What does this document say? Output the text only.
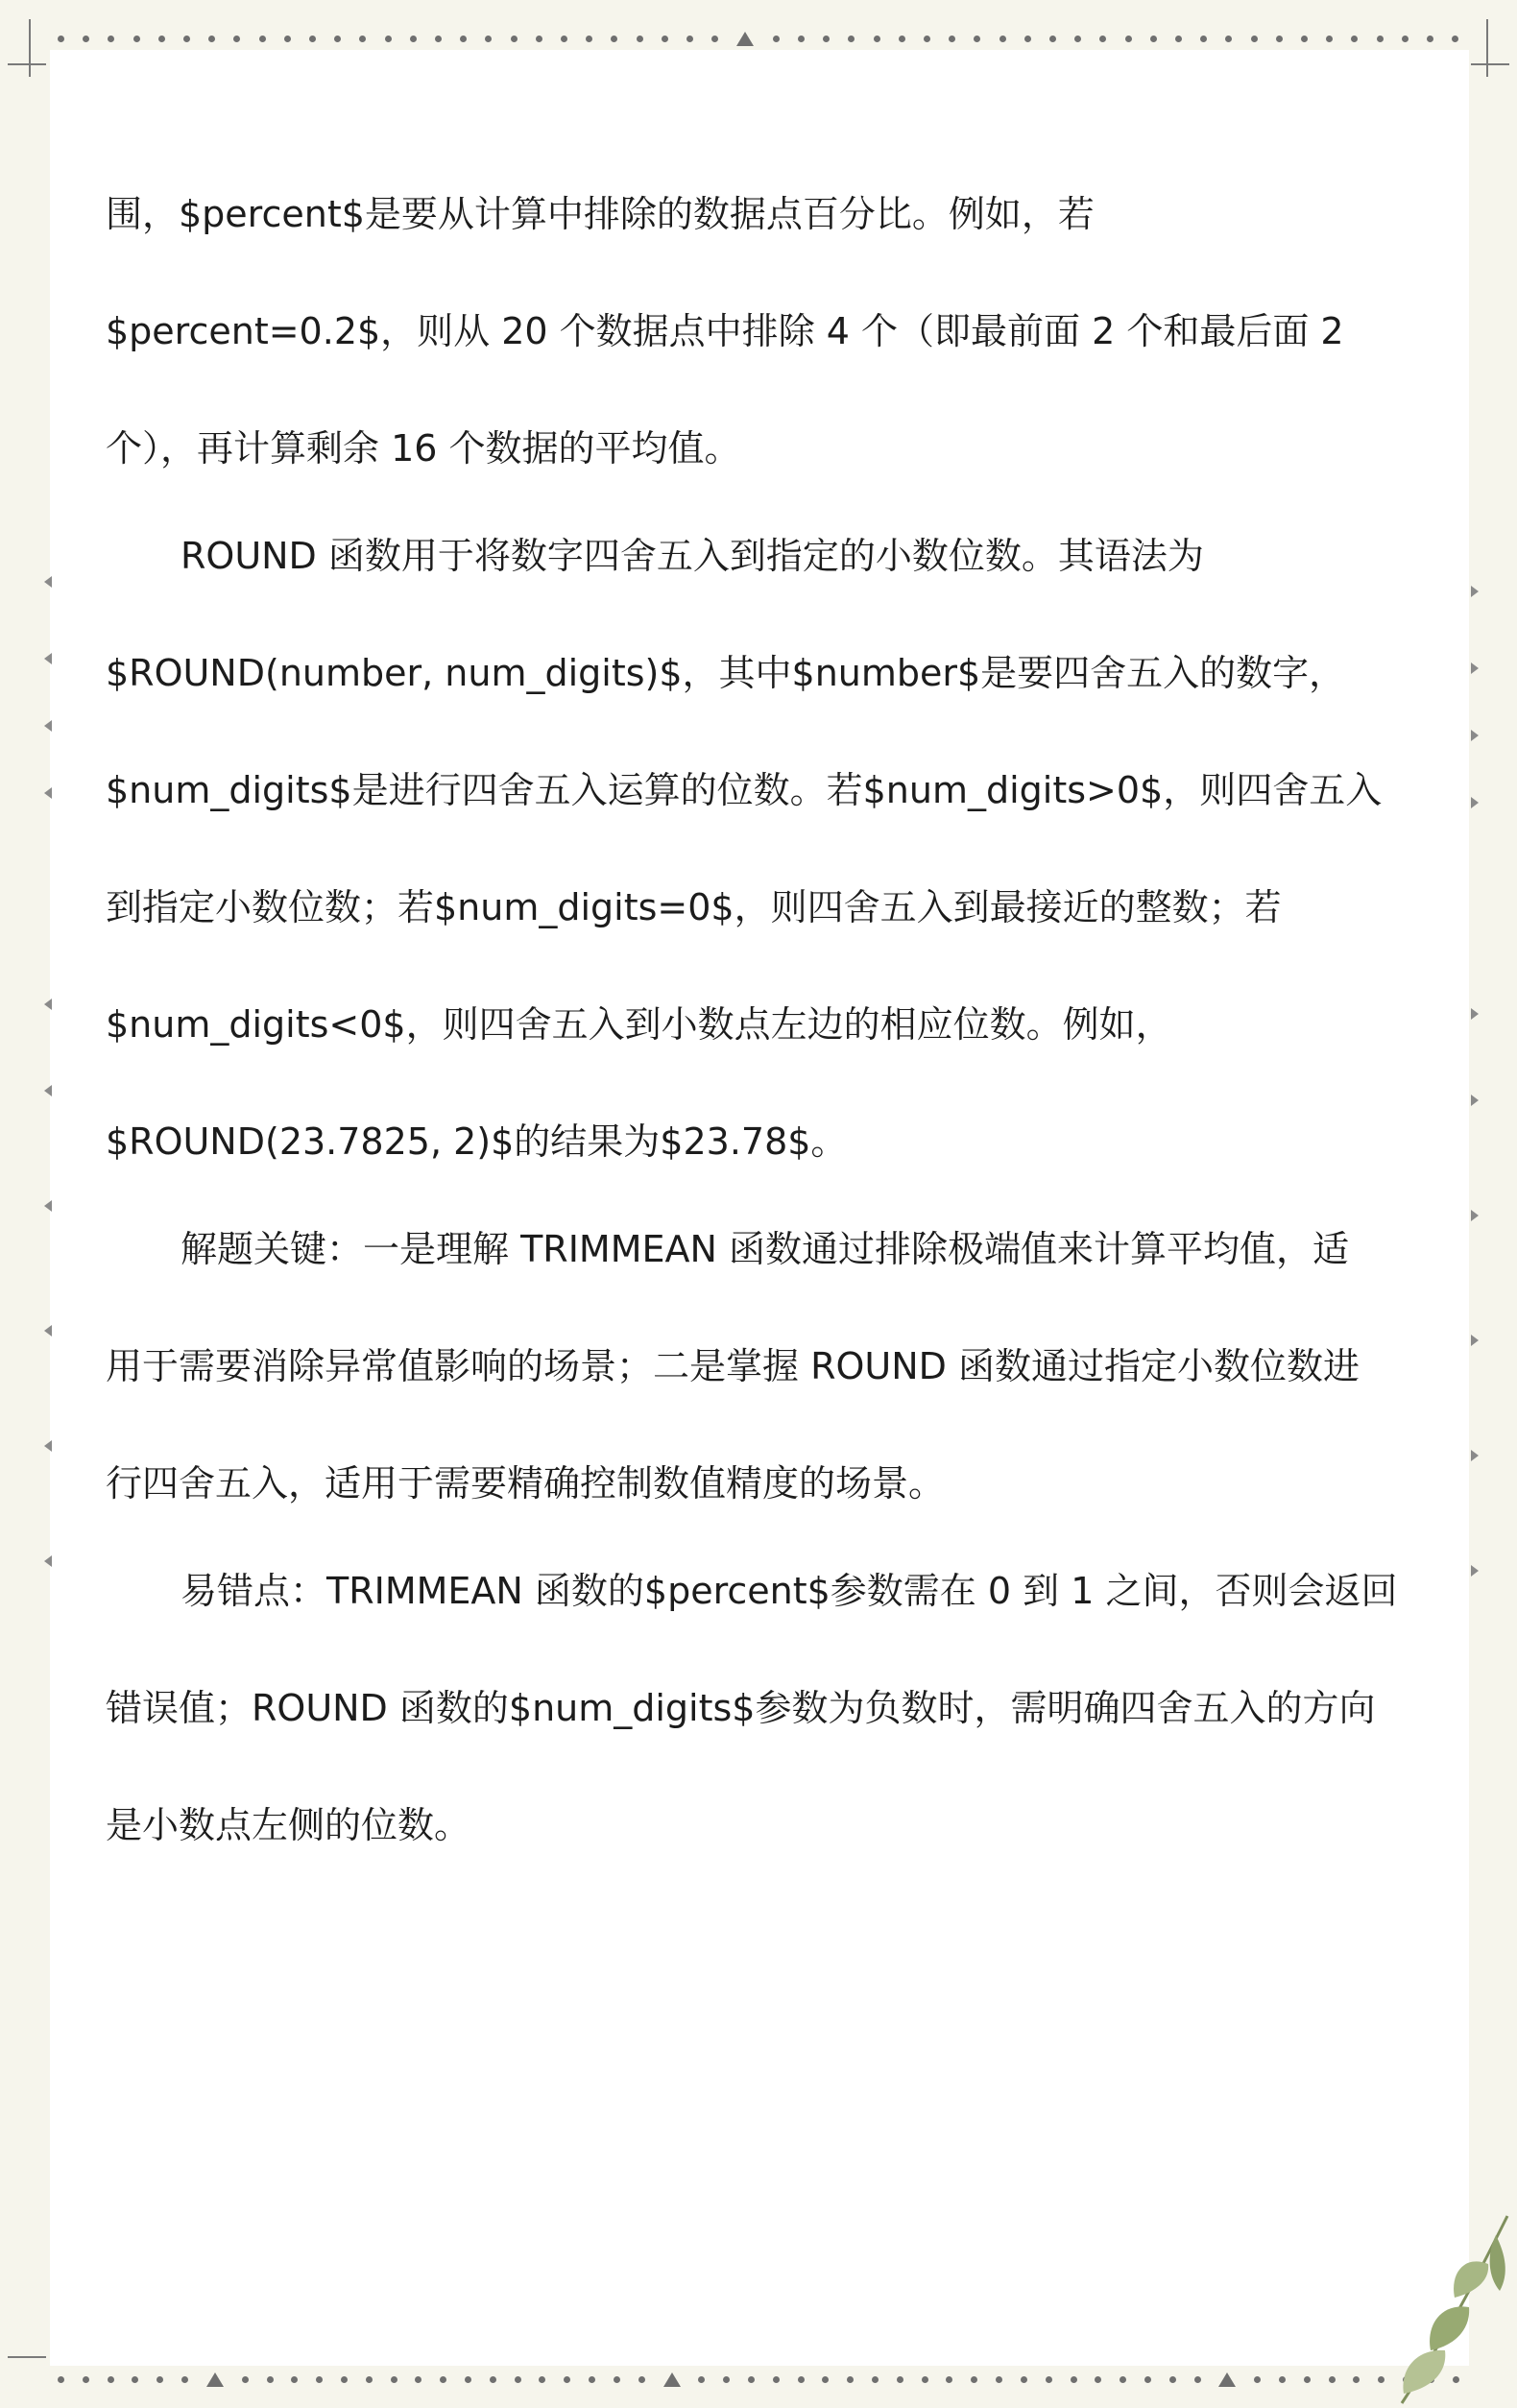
围，$percent$是要从计算中排除的数据点百分比。例如，若
$percent=0.2$，则从 20 个数据点中排除 4 个（即最前面 2 个和最后面 2
个），再计算剩余 16 个数据的平均值。

ROUND 函数用于将数字四舍五入到指定的小数位数。其语法为
$ROUND(number, num_digits)$，其中$number$是要四舍五入的数字，
$num_digits$是进行四舍五入运算的位数。若$num_digits>0$，则四舍五入
到指定小数位数；若$num_digits=0$，则四舍五入到最接近的整数；若
$num_digits<0$，则四舍五入到小数点左边的相应位数。例如，
$ROUND(23.7825, 2)$的结果为$23.78$。

解题关键：一是理解 TRIMMEAN 函数通过排除极端值来计算平均值，适
用于需要消除异常值影响的场景；二是掌握 ROUND 函数通过指定小数位数进
行四舍五入，适用于需要精确控制数值精度的场景。

易错点：TRIMMEAN 函数的$percent$参数需在 0 到 1 之间，否则会返回
错误值；ROUND 函数的$num_digits$参数为负数时，需明确四舍五入的方向
是小数点左侧的位数。
